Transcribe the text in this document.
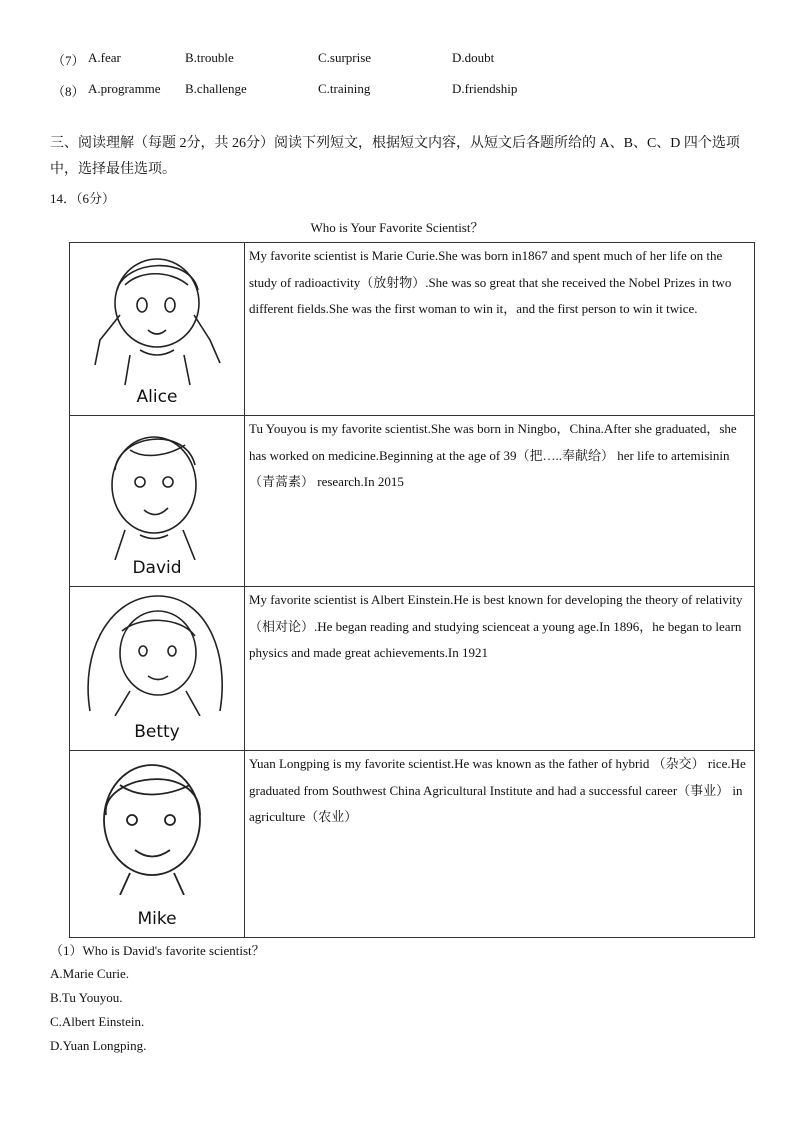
（7） A.fear	B.trouble	C.surprise	D.doubt
（8） A.programme B.challenge	C.training	D.friendship
三、阅读理解（每题 2分，共 26分）阅读下列短文，根据短文内容，从短文后各题所给的 A、B、C、D 四个选项
中，选择最佳选项。
14．（6分）
Who is Your Favorite Scientist？
Alice	My favorite scientist is Marie Curie.She was born in1867 and spent much of her life on the study of radioactivity（放射物）.She was so great that she received the Nobel Prizes in two different fields.She was the first woman to win it，and the first person to win it twice.

David	Tu Youyou is my favorite scientist.She was born in Ningbo，China.After she graduated，she has worked on medicine.Beginning at the age of 39（把…..奉献给） her life to artemisinin（青蒿素） research.In 2015

Betty	My favorite scientist is Albert Einstein.He is best known for developing the theory of relativity（相对论）.He began reading and studying scienceat a young age.In 1896，he began to learn physics and made great achievements.In 1921

Mike	Yuan Longping is my favorite scientist.He was known as the father of hybrid （杂交） rice.He graduated from Southwest China Agricultural Institute and had a successful career（事业） in agriculture（农业）
（1）Who is David's favorite scientist？
A.Marie Curie.
B.Tu Youyou.
C.Albert Einstein.
D.Yuan Longping.
